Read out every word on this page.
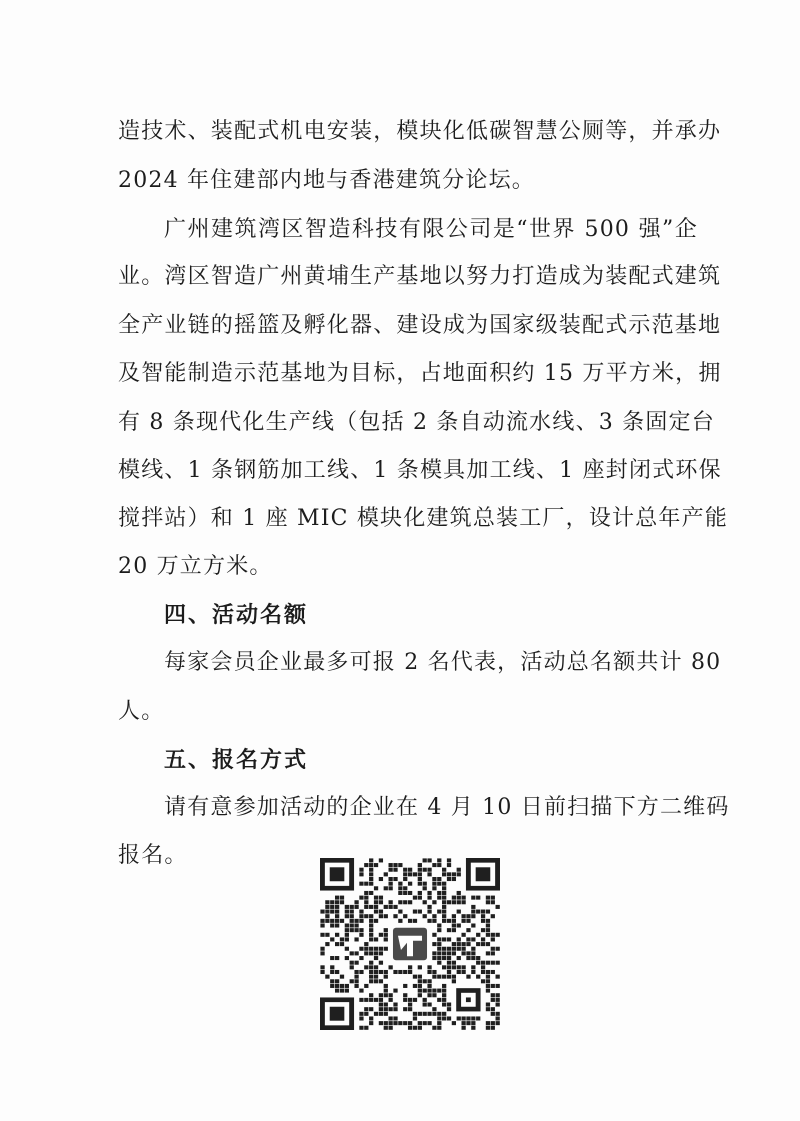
造技术、装配式机电安装，模块化低碳智慧公厕等，并承办
2024 年住建部内地与香港建筑分论坛。
广州建筑湾区智造科技有限公司是“世界 500 强”企
业。湾区智造广州黄埔生产基地以努力打造成为装配式建筑
全产业链的摇篮及孵化器、建设成为国家级装配式示范基地
及智能制造示范基地为目标，占地面积约 15 万平方米，拥
有 8 条现代化生产线（包括 2 条自动流水线、3 条固定台
模线、1 条钢筋加工线、1 条模具加工线、1 座封闭式环保
搅拌站）和 1 座 MIC 模块化建筑总装工厂，设计总年产能
20 万立方米。
四、活动名额
每家会员企业最多可报 2 名代表，活动总名额共计 80
人。
五、报名方式
请有意参加活动的企业在 4 月 10 日前扫描下方二维码
报名。
